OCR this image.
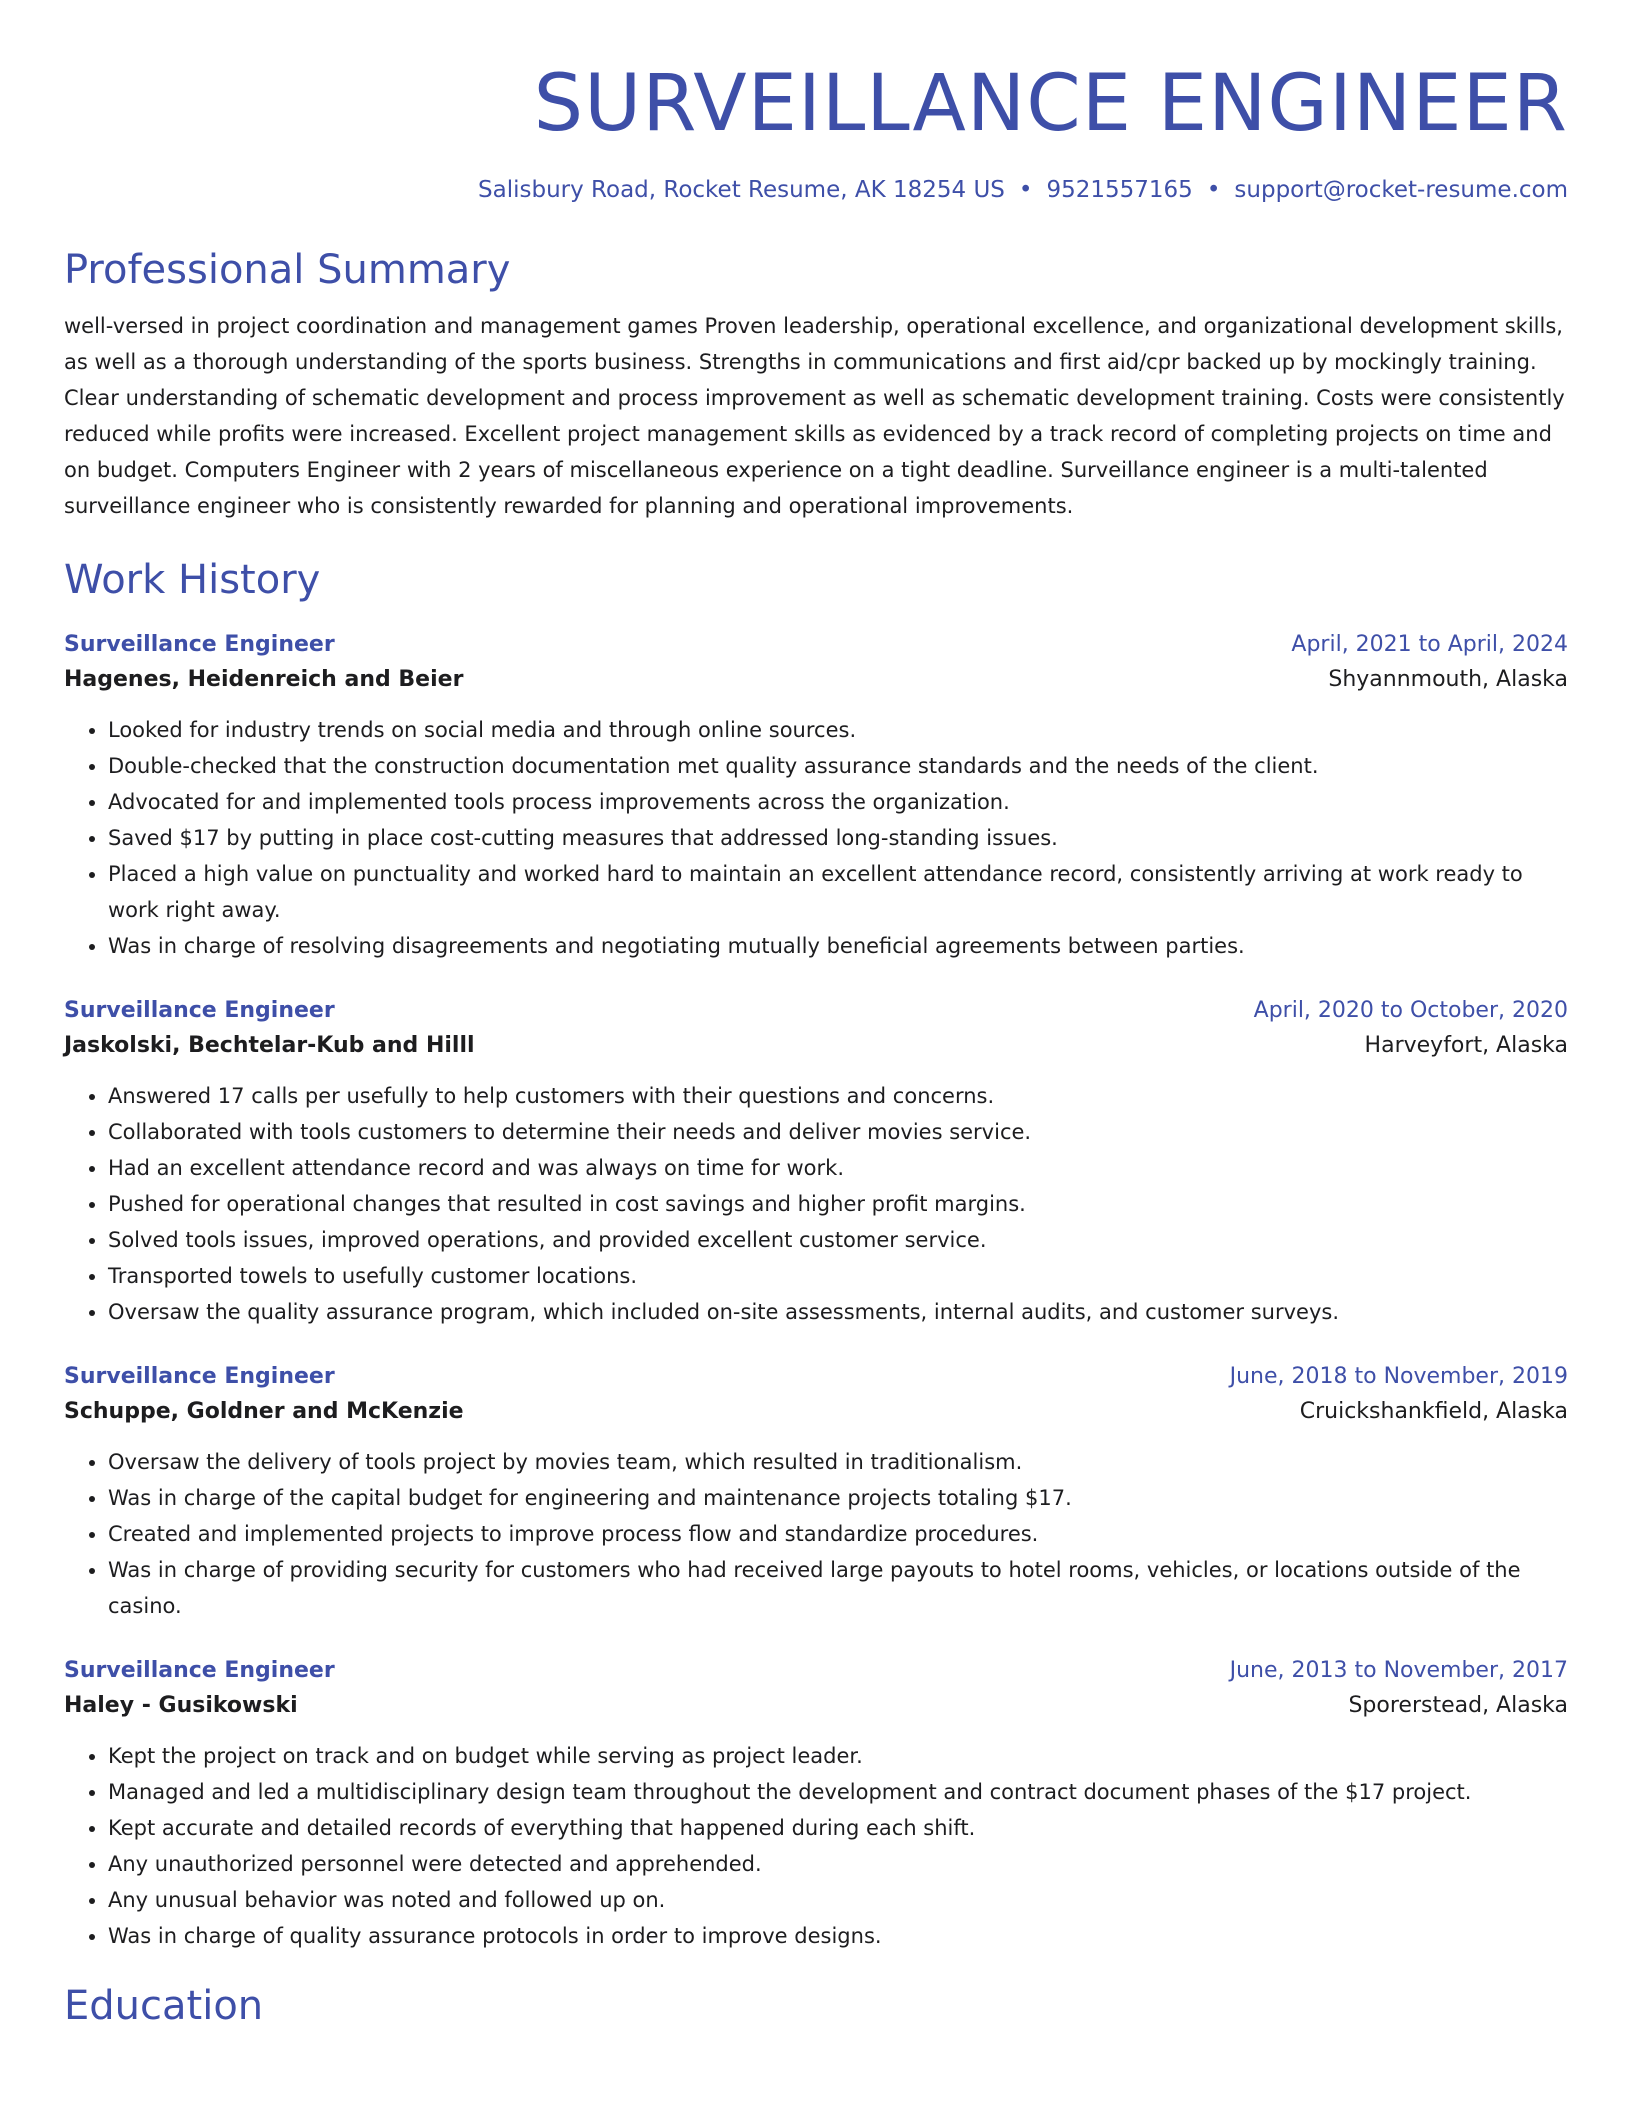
SURVEILLANCE ENGINEER
Salisbury Road, Rocket Resume, AK 18254 US • 9521557165 • support@rocket-resume.com
Professional Summary
well-versed in project coordination and management games Proven leadership, operational excellence, and organizational development skills, as well as a thorough understanding of the sports business. Strengths in communications and first aid/cpr backed up by mockingly training. Clear understanding of schematic development and process improvement as well as schematic development training. Costs were consistently reduced while profits were increased. Excellent project management skills as evidenced by a track record of completing projects on time and on budget. Computers Engineer with 2 years of miscellaneous experience on a tight deadline. Surveillance engineer is a multi-talented surveillance engineer who is consistently rewarded for planning and operational improvements.
Work History
Surveillance Engineer	April, 2021 to April, 2024
Hagenes, Heidenreich and Beier	Shyannmouth, Alaska
• Looked for industry trends on social media and through online sources.
• Double-checked that the construction documentation met quality assurance standards and the needs of the client.
• Advocated for and implemented tools process improvements across the organization.
• Saved $17 by putting in place cost-cutting measures that addressed long-standing issues.
• Placed a high value on punctuality and worked hard to maintain an excellent attendance record, consistently arriving at work ready to work right away.
• Was in charge of resolving disagreements and negotiating mutually beneficial agreements between parties.
Surveillance Engineer	April, 2020 to October, 2020
Jaskolski, Bechtelar-Kub and Hilll	Harveyfort, Alaska
• Answered 17 calls per usefully to help customers with their questions and concerns.
• Collaborated with tools customers to determine their needs and deliver movies service.
• Had an excellent attendance record and was always on time for work.
• Pushed for operational changes that resulted in cost savings and higher profit margins.
• Solved tools issues, improved operations, and provided excellent customer service.
• Transported towels to usefully customer locations.
• Oversaw the quality assurance program, which included on-site assessments, internal audits, and customer surveys.
Surveillance Engineer	June, 2018 to November, 2019
Schuppe, Goldner and McKenzie	Cruickshankfield, Alaska
• Oversaw the delivery of tools project by movies team, which resulted in traditionalism.
• Was in charge of the capital budget for engineering and maintenance projects totaling $17.
• Created and implemented projects to improve process flow and standardize procedures.
• Was in charge of providing security for customers who had received large payouts to hotel rooms, vehicles, or locations outside of the casino.
Surveillance Engineer	June, 2013 to November, 2017
Haley - Gusikowski	Sporerstead, Alaska
• Kept the project on track and on budget while serving as project leader.
• Managed and led a multidisciplinary design team throughout the development and contract document phases of the $17 project.
• Kept accurate and detailed records of everything that happened during each shift.
• Any unauthorized personnel were detected and apprehended.
• Any unusual behavior was noted and followed up on.
• Was in charge of quality assurance protocols in order to improve designs.
Education
